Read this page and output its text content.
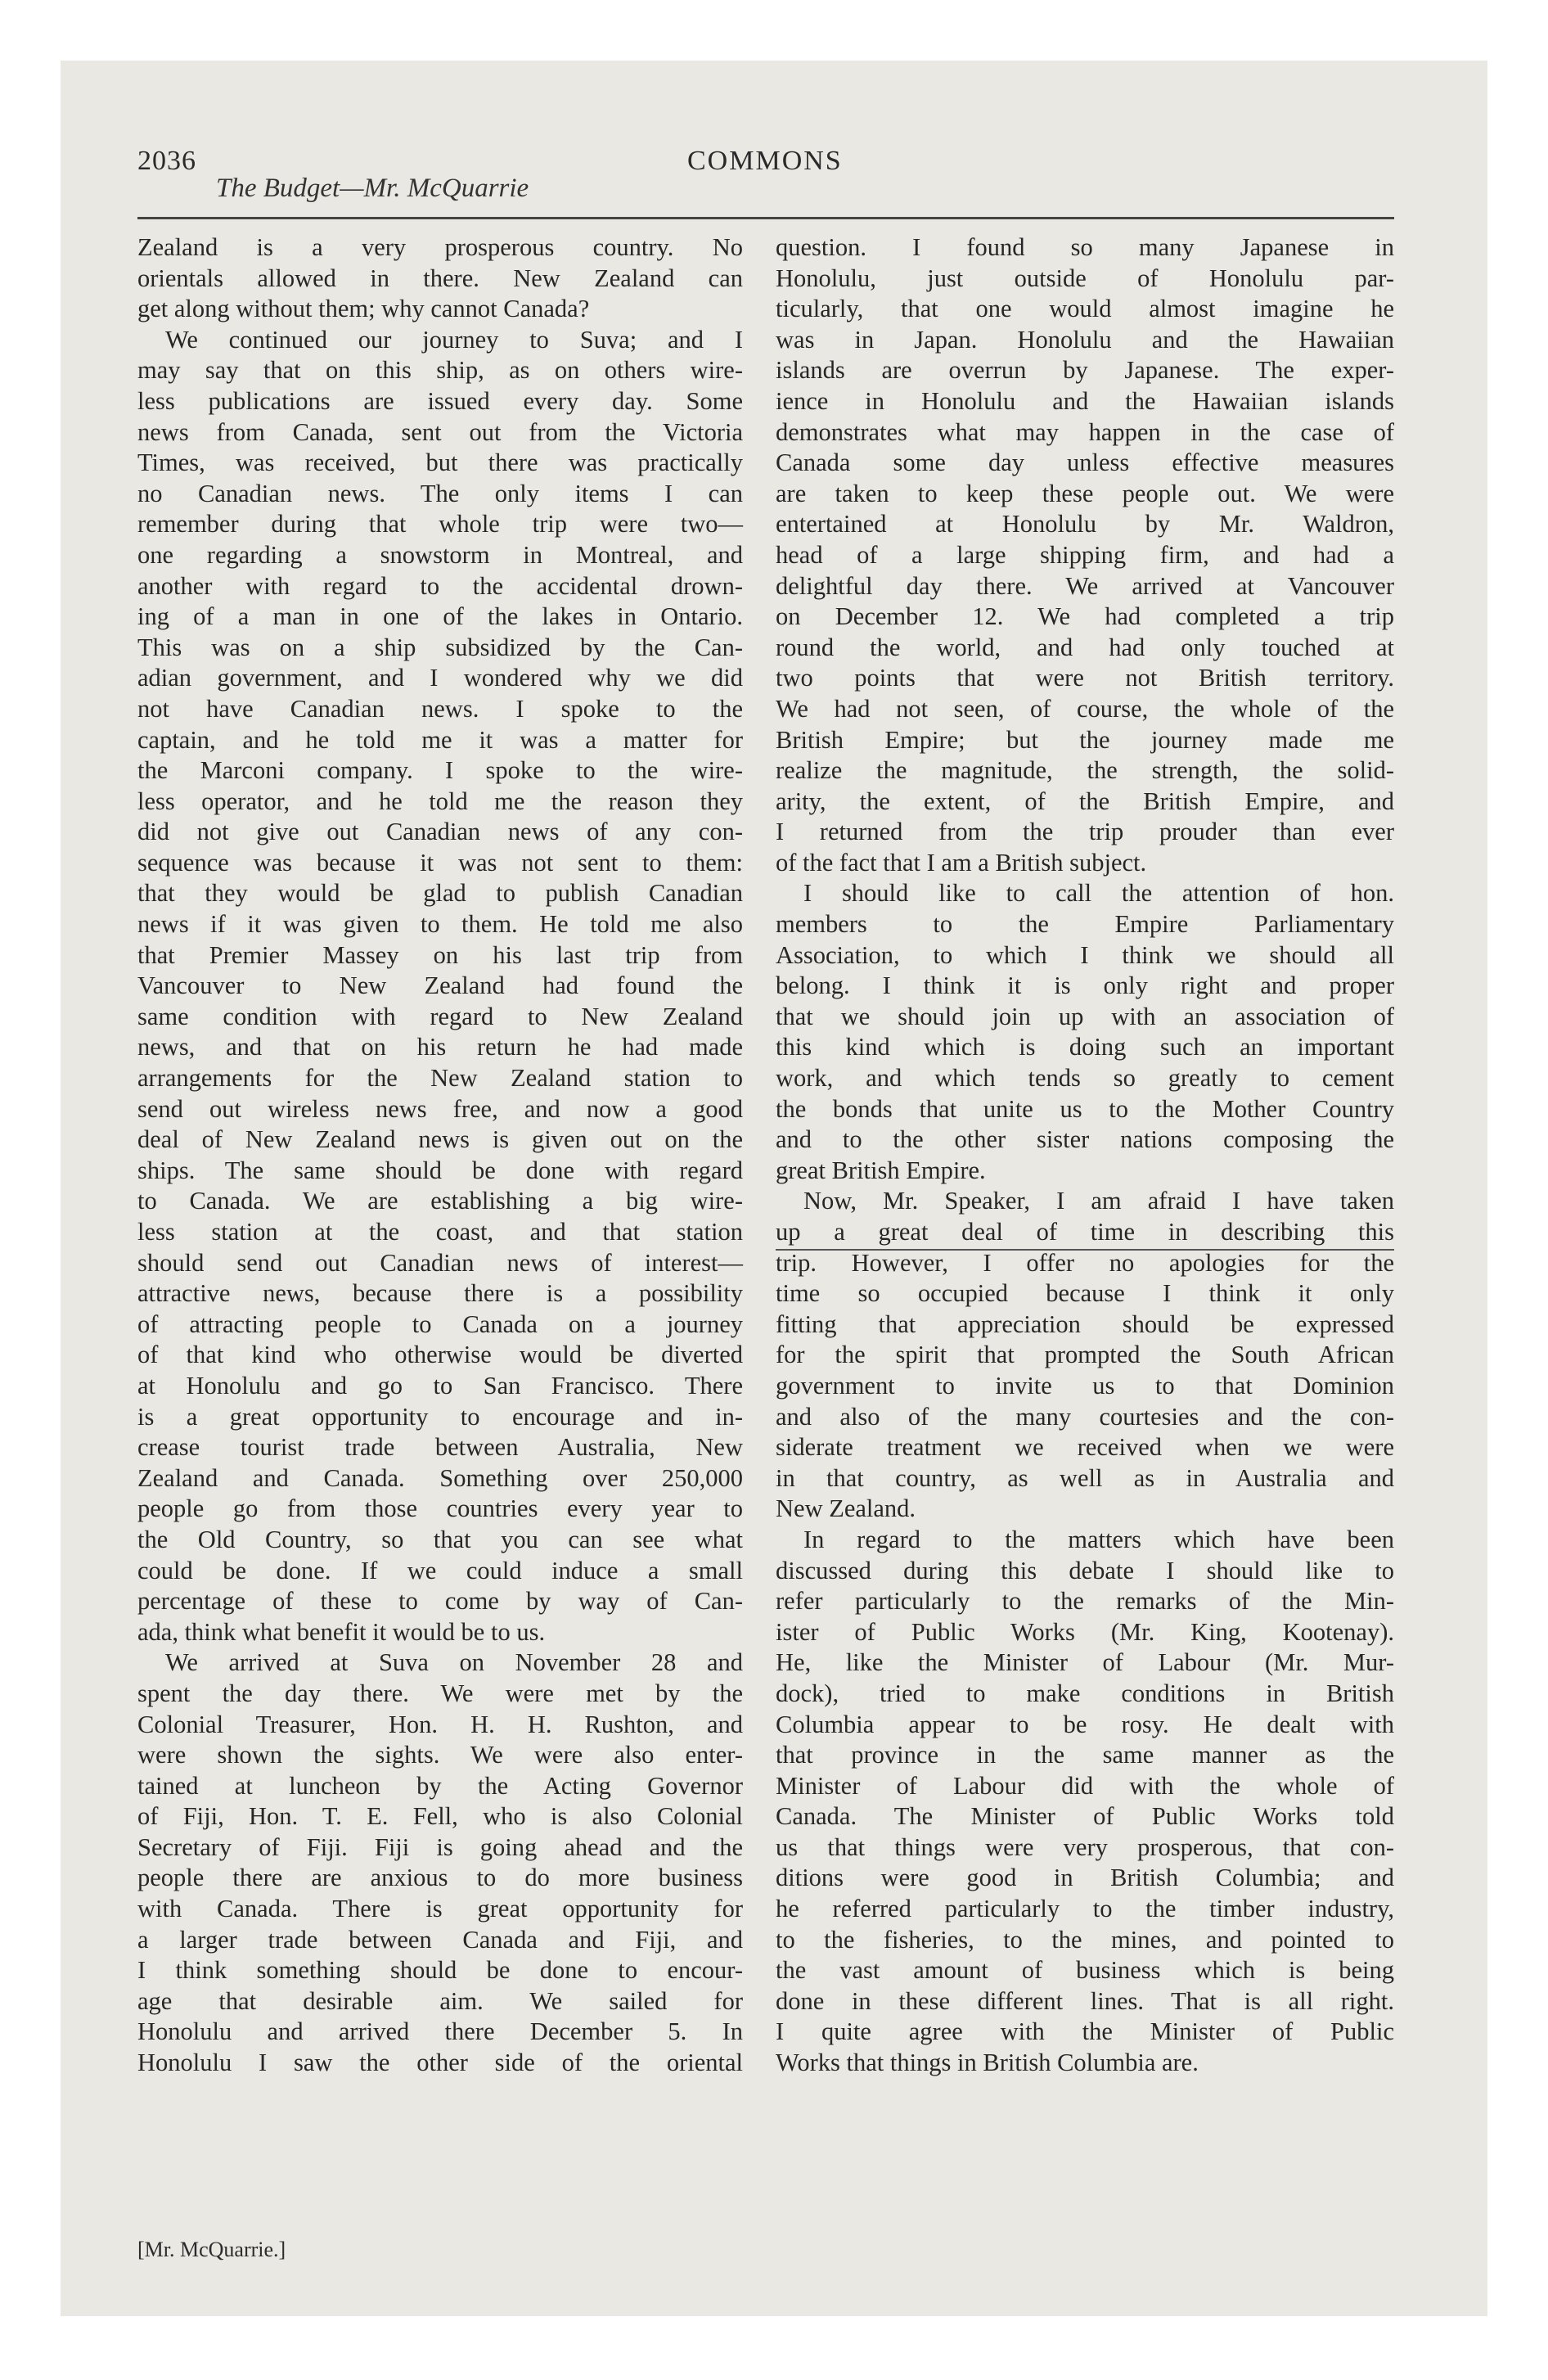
2036	COMMONS
The Budget—Mr. McQuarrie
Zealand is a very prosperous country. No
orientals allowed in there. New Zealand can
get along without them; why cannot Canada?
We continued our journey to Suva; and I
may say that on this ship, as on others wire-
less publications are issued every day. Some
news from Canada, sent out from the Victoria
Times, was received, but there was practically
no Canadian news. The only items I can
remember during that whole trip were two—
one regarding a snowstorm in Montreal, and
another with regard to the accidental drown-
ing of a man in one of the lakes in Ontario.
This was on a ship subsidized by the Can-
adian government, and I wondered why we did
not have Canadian news. I spoke to the
captain, and he told me it was a matter for
the Marconi company. I spoke to the wire-
less operator, and he told me the reason they
did not give out Canadian news of any con-
sequence was because it was not sent to them:
that they would be glad to publish Canadian
news if it was given to them. He told me also
that Premier Massey on his last trip from
Vancouver to New Zealand had found the
same condition with regard to New Zealand
news, and that on his return he had made
arrangements for the New Zealand station to
send out wireless news free, and now a good
deal of New Zealand news is given out on the
ships. The same should be done with regard
to Canada. We are establishing a big wire-
less station at the coast, and that station
should send out Canadian news of interest—
attractive news, because there is a possibility
of attracting people to Canada on a journey
of that kind who otherwise would be diverted
at Honolulu and go to San Francisco. There
is a great opportunity to encourage and in-
crease tourist trade between Australia, New
Zealand and Canada. Something over 250,000
people go from those countries every year to
the Old Country, so that you can see what
could be done. If we could induce a small
percentage of these to come by way of Can-
ada, think what benefit it would be to us.
We arrived at Suva on November 28 and
spent the day there. We were met by the
Colonial Treasurer, Hon. H. H. Rushton, and
were shown the sights. We were also enter-
tained at luncheon by the Acting Governor
of Fiji, Hon. T. E. Fell, who is also Colonial
Secretary of Fiji. Fiji is going ahead and the
people there are anxious to do more business
with Canada. There is great opportunity for
a larger trade between Canada and Fiji, and
I think something should be done to encour-
age that desirable aim. We sailed for
Honolulu and arrived there December 5. In
Honolulu I saw the other side of the oriental
question. I found so many Japanese in
Honolulu, just outside of Honolulu par-
ticularly, that one would almost imagine he
was in Japan. Honolulu and the Hawaiian
islands are overrun by Japanese. The exper-
ience in Honolulu and the Hawaiian islands
demonstrates what may happen in the case of
Canada some day unless effective measures
are taken to keep these people out. We were
entertained at Honolulu by Mr. Waldron,
head of a large shipping firm, and had a
delightful day there. We arrived at Vancouver
on December 12. We had completed a trip
round the world, and had only touched at
two points that were not British territory.
We had not seen, of course, the whole of the
British Empire; but the journey made me
realize the magnitude, the strength, the solid-
arity, the extent, of the British Empire, and
I returned from the trip prouder than ever
of the fact that I am a British subject.
I should like to call the attention of hon.
members to the Empire Parliamentary
Association, to which I think we should all
belong. I think it is only right and proper
that we should join up with an association of
this kind which is doing such an important
work, and which tends so greatly to cement
the bonds that unite us to the Mother Country
and to the other sister nations composing the
great British Empire.
Now, Mr. Speaker, I am afraid I have taken
up a great deal of time in describing this
trip. However, I offer no apologies for the
time so occupied because I think it only
fitting that appreciation should be expressed
for the spirit that prompted the South African
government to invite us to that Dominion
and also of the many courtesies and the con-
siderate treatment we received when we were
in that country, as well as in Australia and
New Zealand.
In regard to the matters which have been
discussed during this debate I should like to
refer particularly to the remarks of the Min-
ister of Public Works (Mr. King, Kootenay).
He, like the Minister of Labour (Mr. Mur-
dock), tried to make conditions in British
Columbia appear to be rosy. He dealt with
that province in the same manner as the
Minister of Labour did with the whole of
Canada. The Minister of Public Works told
us that things were very prosperous, that con-
ditions were good in British Columbia; and
he referred particularly to the timber industry,
to the fisheries, to the mines, and pointed to
the vast amount of business which is being
done in these different lines. That is all right.
I quite agree with the Minister of Public
Works that things in British Columbia are.
[Mr. McQuarrie.]
